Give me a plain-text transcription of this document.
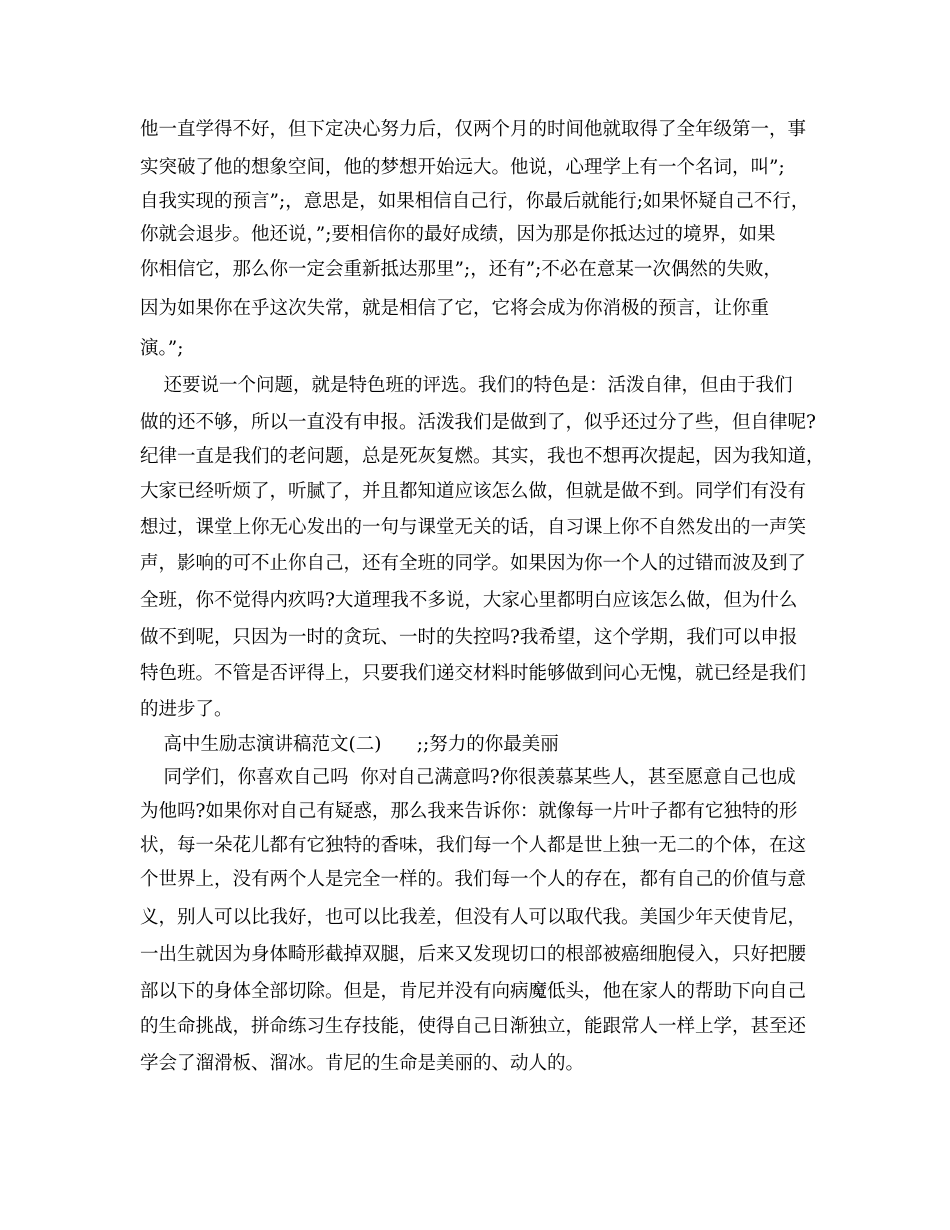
他一直学得不好，但下定决心努力后，仅两个月的时间他就取得了全年级第一，事
实突破了他的想象空间，他的梦想开始远大。他说，心理学上有一个名词，叫”;
自我实现的预言”;，意思是，如果相信自己行，你最后就能行;如果怀疑自己不行，
你就会退步。他还说，”;要相信你的最好成绩，因为那是你抵达过的境界，如果
你相信它，那么你一定会重新抵达那里”;，还有”;不必在意某一次偶然的失败，
因为如果你在乎这次失常，就是相信了它，它将会成为你消极的预言，让你重
演。”;
还要说一个问题，就是特色班的评选。我们的特色是：活泼自律，但由于我们
做的还不够，所以一直没有申报。活泼我们是做到了，似乎还过分了些，但自律呢?
纪律一直是我们的老问题，总是死灰复燃。其实，我也不想再次提起，因为我知道，
大家已经听烦了，听腻了，并且都知道应该怎么做，但就是做不到。同学们有没有
想过，课堂上你无心发出的一句与课堂无关的话，自习课上你不自然发出的一声笑
声，影响的可不止你自己，还有全班的同学。如果因为你一个人的过错而波及到了
全班，你不觉得内疚吗?大道理我不多说，大家心里都明白应该怎么做，但为什么
做不到呢，只因为一时的贪玩、一时的失控吗?我希望，这个学期，我们可以申报
特色班。不管是否评得上，只要我们递交材料时能够做到问心无愧，就已经是我们
的进步了。
高中生励志演讲稿范文(二)      ;;努力的你最美丽
同学们，你喜欢自己吗  你对自己满意吗?你很羡慕某些人，甚至愿意自己也成
为他吗?如果你对自己有疑惑，那么我来告诉你：就像每一片叶子都有它独特的形
状，每一朵花儿都有它独特的香味，我们每一个人都是世上独一无二的个体，在这
个世界上，没有两个人是完全一样的。我们每一个人的存在，都有自己的价值与意
义，别人可以比我好，也可以比我差，但没有人可以取代我。美国少年天使肯尼，
一出生就因为身体畸形截掉双腿，后来又发现切口的根部被癌细胞侵入，只好把腰
部以下的身体全部切除。但是，肯尼并没有向病魔低头，他在家人的帮助下向自己
的生命挑战，拼命练习生存技能，使得自己日渐独立，能跟常人一样上学，甚至还
学会了溜滑板、溜冰。肯尼的生命是美丽的、动人的。
